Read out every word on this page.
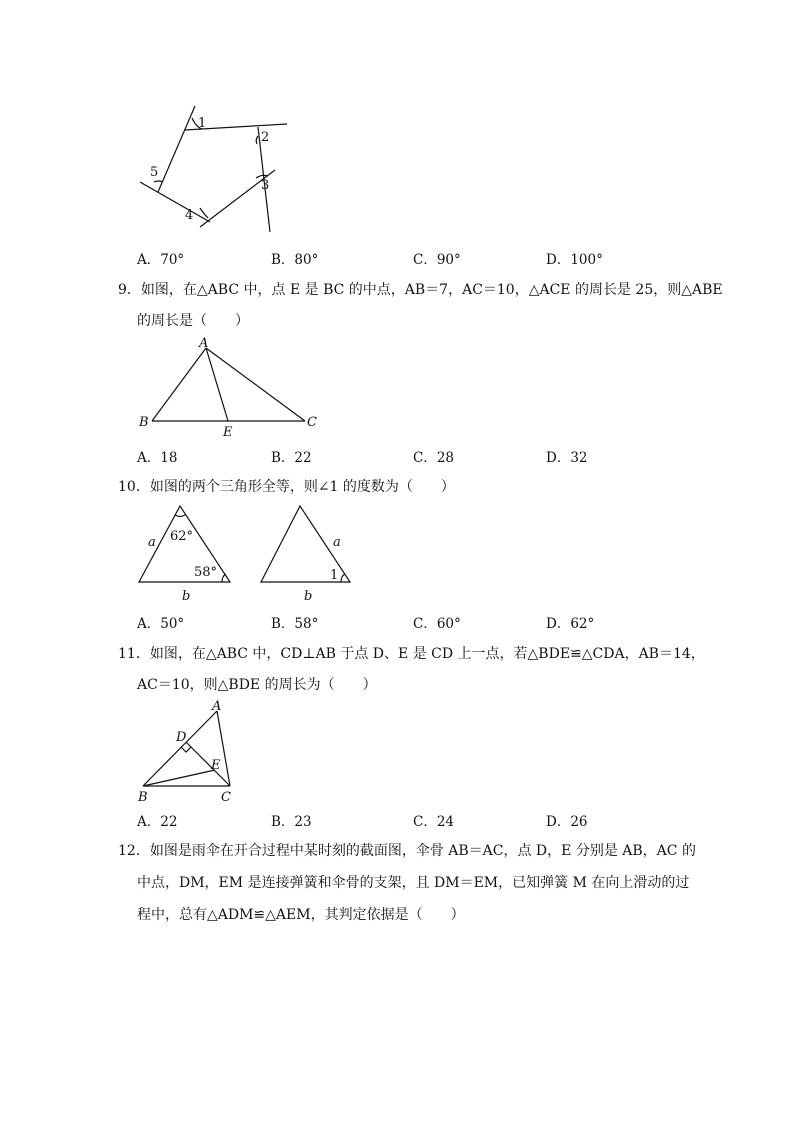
1
2
3
4
5
A．70°	B．80°	C．90°	D．100°
9．如图，在△ABC 中，点 E 是 BC 的中点，AB＝7，AC＝10，△ACE 的周长是 25，则△ABE
的周长是（　　）
A
B	C
E
A．18	B．22	C．28	D．32
10．如图的两个三角形全等，则∠1 的度数为（　　）
a
b
62°
58°
a
b
1
A．50°	B．58°	C．60°	D．62°
11．如图，在△ABC 中，CD⊥AB 于点 D、E 是 CD 上一点，若△BDE≌△CDA，AB＝14，
AC＝10，则△BDE 的周长为（　　）
A
B	C
D
E
A．22	B．23	C．24	D．26
12．如图是雨伞在开合过程中某时刻的截面图，伞骨 AB＝AC，点 D，E 分别是 AB，AC 的
中点，DM，EM 是连接弹簧和伞骨的支架，且 DM＝EM，已知弹簧 M 在向上滑动的过
程中，总有△ADM≌△AEM，其判定依据是（　　）
